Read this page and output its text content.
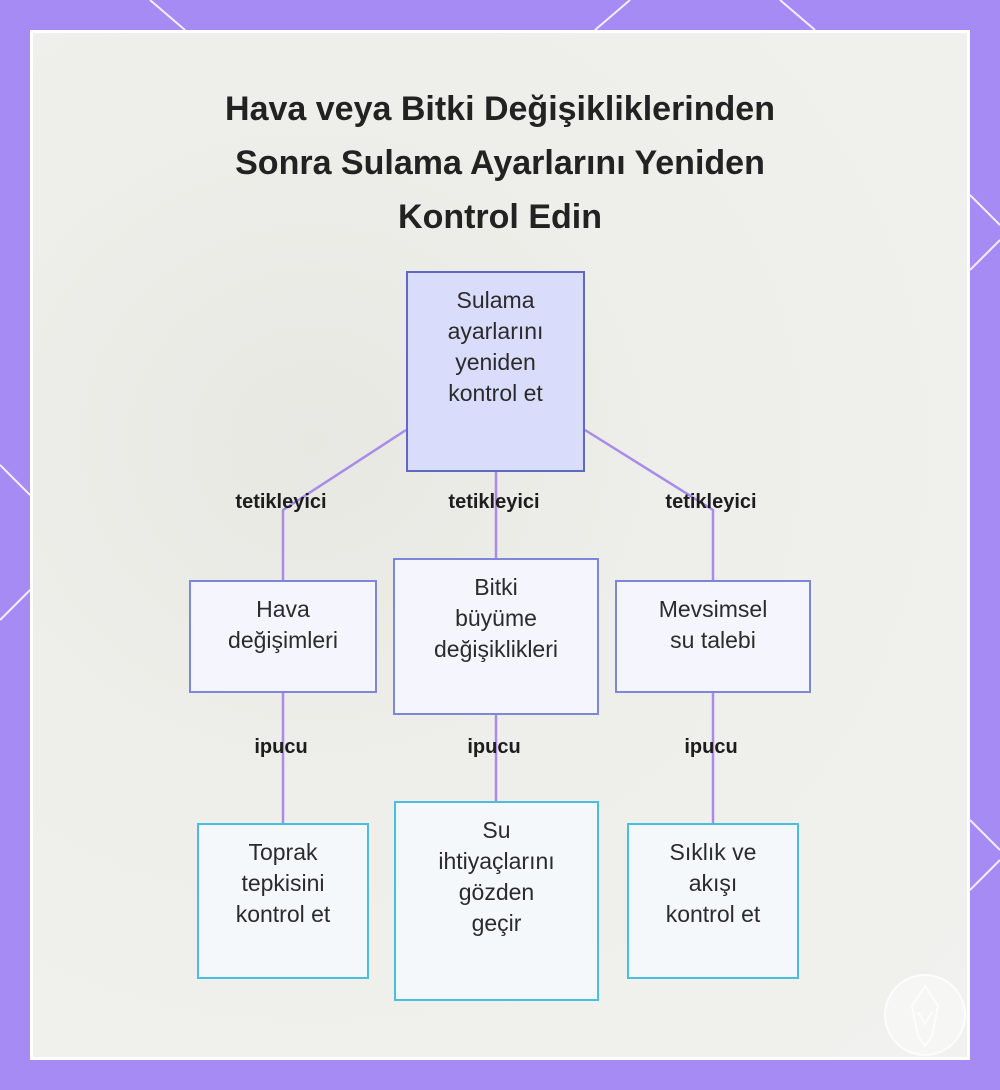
Hava veya Bitki Değişikliklerinden
Sonra Sulama Ayarlarını Yeniden
Kontrol Edin
Sulama
ayarlarını
yeniden
kontrol et
tetikleyici	tetikleyici	tetikleyici
Hava
değişimleri
Bitki
büyüme
değişiklikleri
Mevsimsel
su talebi
ipucu	ipucu	ipucu
Toprak
tepkisini
kontrol et
Su
ihtiyaçlarını
gözden
geçir
Sıklık ve
akışı
kontrol et
